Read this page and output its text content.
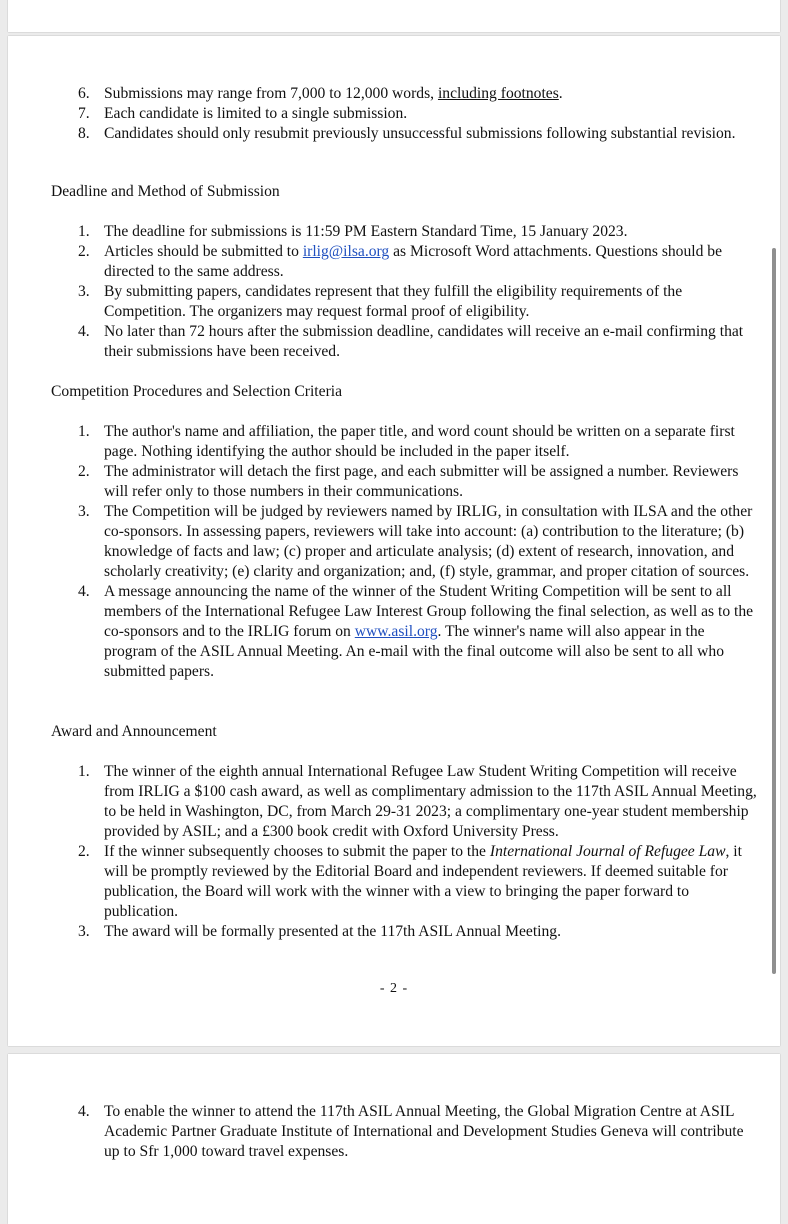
6. Submissions may range from 7,000 to 12,000 words, including footnotes.
7. Each candidate is limited to a single submission.
8. Candidates should only resubmit previously unsuccessful submissions following substantial revision.
Deadline and Method of Submission
1. The deadline for submissions is 11:59 PM Eastern Standard Time, 15 January 2023.
2. Articles should be submitted to irlig@ilsa.org as Microsoft Word attachments. Questions should be directed to the same address.
3. By submitting papers, candidates represent that they fulfill the eligibility requirements of the Competition. The organizers may request formal proof of eligibility.
4. No later than 72 hours after the submission deadline, candidates will receive an e-mail confirming that their submissions have been received.
Competition Procedures and Selection Criteria
1. The author's name and affiliation, the paper title, and word count should be written on a separate first page. Nothing identifying the author should be included in the paper itself.
2. The administrator will detach the first page, and each submitter will be assigned a number. Reviewers will refer only to those numbers in their communications.
3. The Competition will be judged by reviewers named by IRLIG, in consultation with ILSA and the other co-sponsors. In assessing papers, reviewers will take into account: (a) contribution to the literature; (b) knowledge of facts and law; (c) proper and articulate analysis; (d) extent of research, innovation, and scholarly creativity; (e) clarity and organization; and, (f) style, grammar, and proper citation of sources.
4. A message announcing the name of the winner of the Student Writing Competition will be sent to all members of the International Refugee Law Interest Group following the final selection, as well as to the co-sponsors and to the IRLIG forum on www.asil.org. The winner's name will also appear in the program of the ASIL Annual Meeting. An e-mail with the final outcome will also be sent to all who submitted papers.
Award and Announcement
1. The winner of the eighth annual International Refugee Law Student Writing Competition will receive from IRLIG a $100 cash award, as well as complimentary admission to the 117th ASIL Annual Meeting, to be held in Washington, DC, from March 29-31 2023; a complimentary one-year student membership provided by ASIL; and a £300 book credit with Oxford University Press.
2. If the winner subsequently chooses to submit the paper to the International Journal of Refugee Law, it will be promptly reviewed by the Editorial Board and independent reviewers. If deemed suitable for publication, the Board will work with the winner with a view to bringing the paper forward to publication.
3. The award will be formally presented at the 117th ASIL Annual Meeting.
- 2 -
4. To enable the winner to attend the 117th ASIL Annual Meeting, the Global Migration Centre at ASIL Academic Partner Graduate Institute of International and Development Studies Geneva will contribute up to Sfr 1,000 toward travel expenses.
